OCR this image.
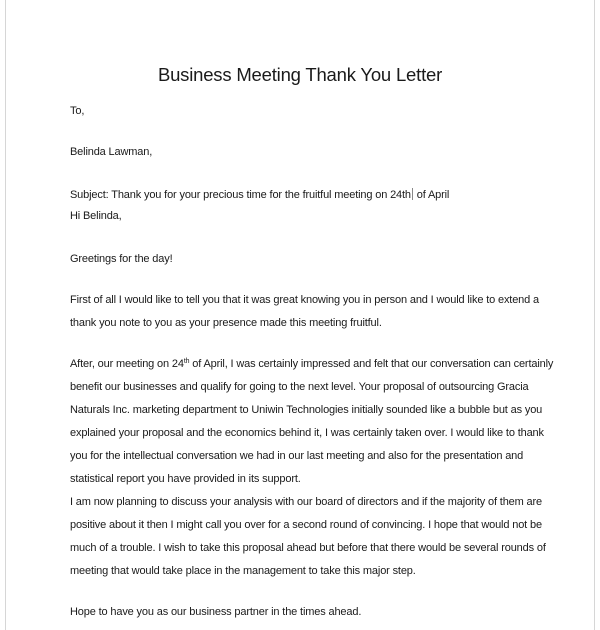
Business Meeting Thank You Letter

To,

Belinda Lawman,

Subject: Thank you for your precious time for the fruitful meeting on 24th of April

Hi Belinda,

Greetings for the day!

First of all I would like to tell you that it was great knowing you in person and I would like to extend a
thank you note to you as your presence made this meeting fruitful.
After, our meeting on 24th of April, I was certainly impressed and felt that our conversation can certainly
benefit our businesses and qualify for going to the next level. Your proposal of outsourcing Gracia
Naturals Inc. marketing department to Uniwin Technologies initially sounded like a bubble but as you
explained your proposal and the economics behind it, I was certainly taken over. I would like to thank
you for the intellectual conversation we had in our last meeting and also for the presentation and
statistical report you have provided in its support.
I am now planning to discuss your analysis with our board of directors and if the majority of them are
positive about it then I might call you over for a second round of convincing. I hope that would not be
much of a trouble. I wish to take this proposal ahead but before that there would be several rounds of
meeting that would take place in the management to take this major step.

Hope to have you as our business partner in the times ahead.
